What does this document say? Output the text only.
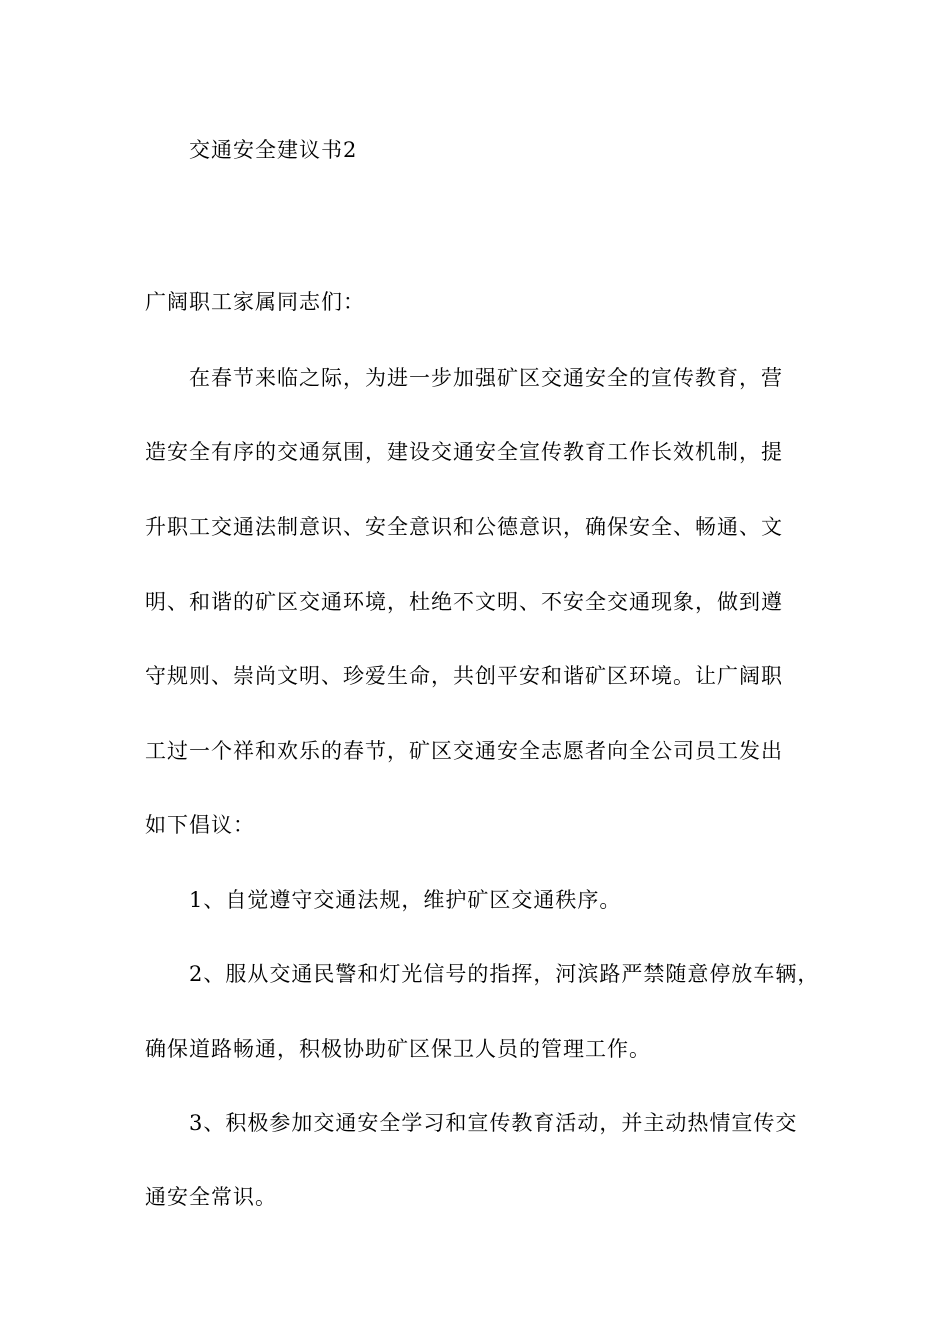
交通安全建议书2
广阔职工家属同志们：
在春节来临之际，为进一步加强矿区交通安全的宣传教育，营
造安全有序的交通氛围，建设交通安全宣传教育工作长效机制，提
升职工交通法制意识、安全意识和公德意识，确保安全、畅通、文
明、和谐的矿区交通环境，杜绝不文明、不安全交通现象，做到遵
守规则、崇尚文明、珍爱生命，共创平安和谐矿区环境。让广阔职
工过一个祥和欢乐的春节，矿区交通安全志愿者向全公司员工发出
如下倡议：
1、自觉遵守交通法规，维护矿区交通秩序。
2、服从交通民警和灯光信号的指挥，河滨路严禁随意停放车辆，
确保道路畅通，积极协助矿区保卫人员的管理工作。
3、积极参加交通安全学习和宣传教育活动，并主动热情宣传交
通安全常识。
